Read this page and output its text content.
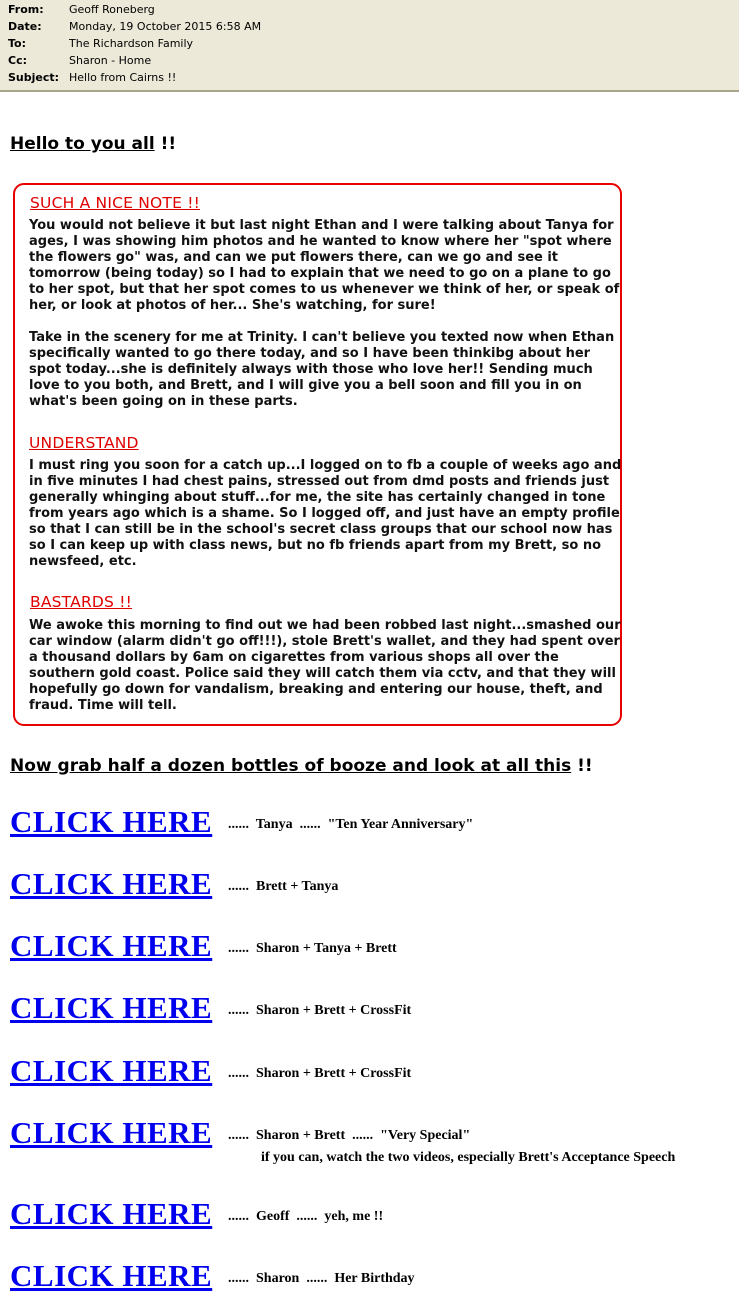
From:	Geoff Roneberg
Date:	Monday, 19 October 2015 6:58 AM
To:	The Richardson Family
Cc:	Sharon - Home
Subject: Hello from Cairns !!
Hello to you all !!
SUCH A NICE NOTE !!
You would not believe it but last night Ethan and I were talking about Tanya for ages, I was showing him photos and he wanted to know where her "spot where the flowers go" was, and can we put flowers there, can we go and see it tomorrow (being today) so I had to explain that we need to go on a plane to go to her spot, but that her spot comes to us whenever we think of her, or speak of her, or look at photos of her... She's watching, for sure!
Take in the scenery for me at Trinity. I can't believe you texted now when Ethan specifically wanted to go there today, and so I have been thinkibg about her spot today...she is definitely always with those who love her!! Sending much love to you both, and Brett, and I will give you a bell soon and fill you in on what's been going on in these parts.
UNDERSTAND
I must ring you soon for a catch up...I logged on to fb a couple of weeks ago and in five minutes I had chest pains, stressed out from dmd posts and friends just generally whinging about stuff...for me, the site has certainly changed in tone from years ago which is a shame. So I logged off, and just have an empty profile so that I can still be in the school's secret class groups that our school now has so I can keep up with class news, but no fb friends apart from my Brett, so no newsfeed, etc.
BASTARDS !!
We awoke this morning to find out we had been robbed last night...smashed our car window (alarm didn't go off!!!), stole Brett's wallet, and they had spent over a thousand dollars by 6am on cigarettes from various shops all over the southern gold coast. Police said they will catch them via cctv, and that they will hopefully go down for vandalism, breaking and entering our house, theft, and fraud. Time will tell.
Now grab half a dozen bottles of booze and look at all this !!
CLICK HERE ......  Tanya  ......  "Ten Year Anniversary"
CLICK HERE ......  Brett + Tanya
CLICK HERE ......  Sharon + Tanya + Brett
CLICK HERE ......  Sharon + Brett + CrossFit
CLICK HERE ......  Sharon + Brett + CrossFit
CLICK HERE ......  Sharon + Brett  ......  "Very Special"
if you can, watch the two videos, especially Brett's Acceptance Speech
CLICK HERE ......  Geoff  ......  yeh, me !!
CLICK HERE ......  Sharon  ......  Her Birthday
